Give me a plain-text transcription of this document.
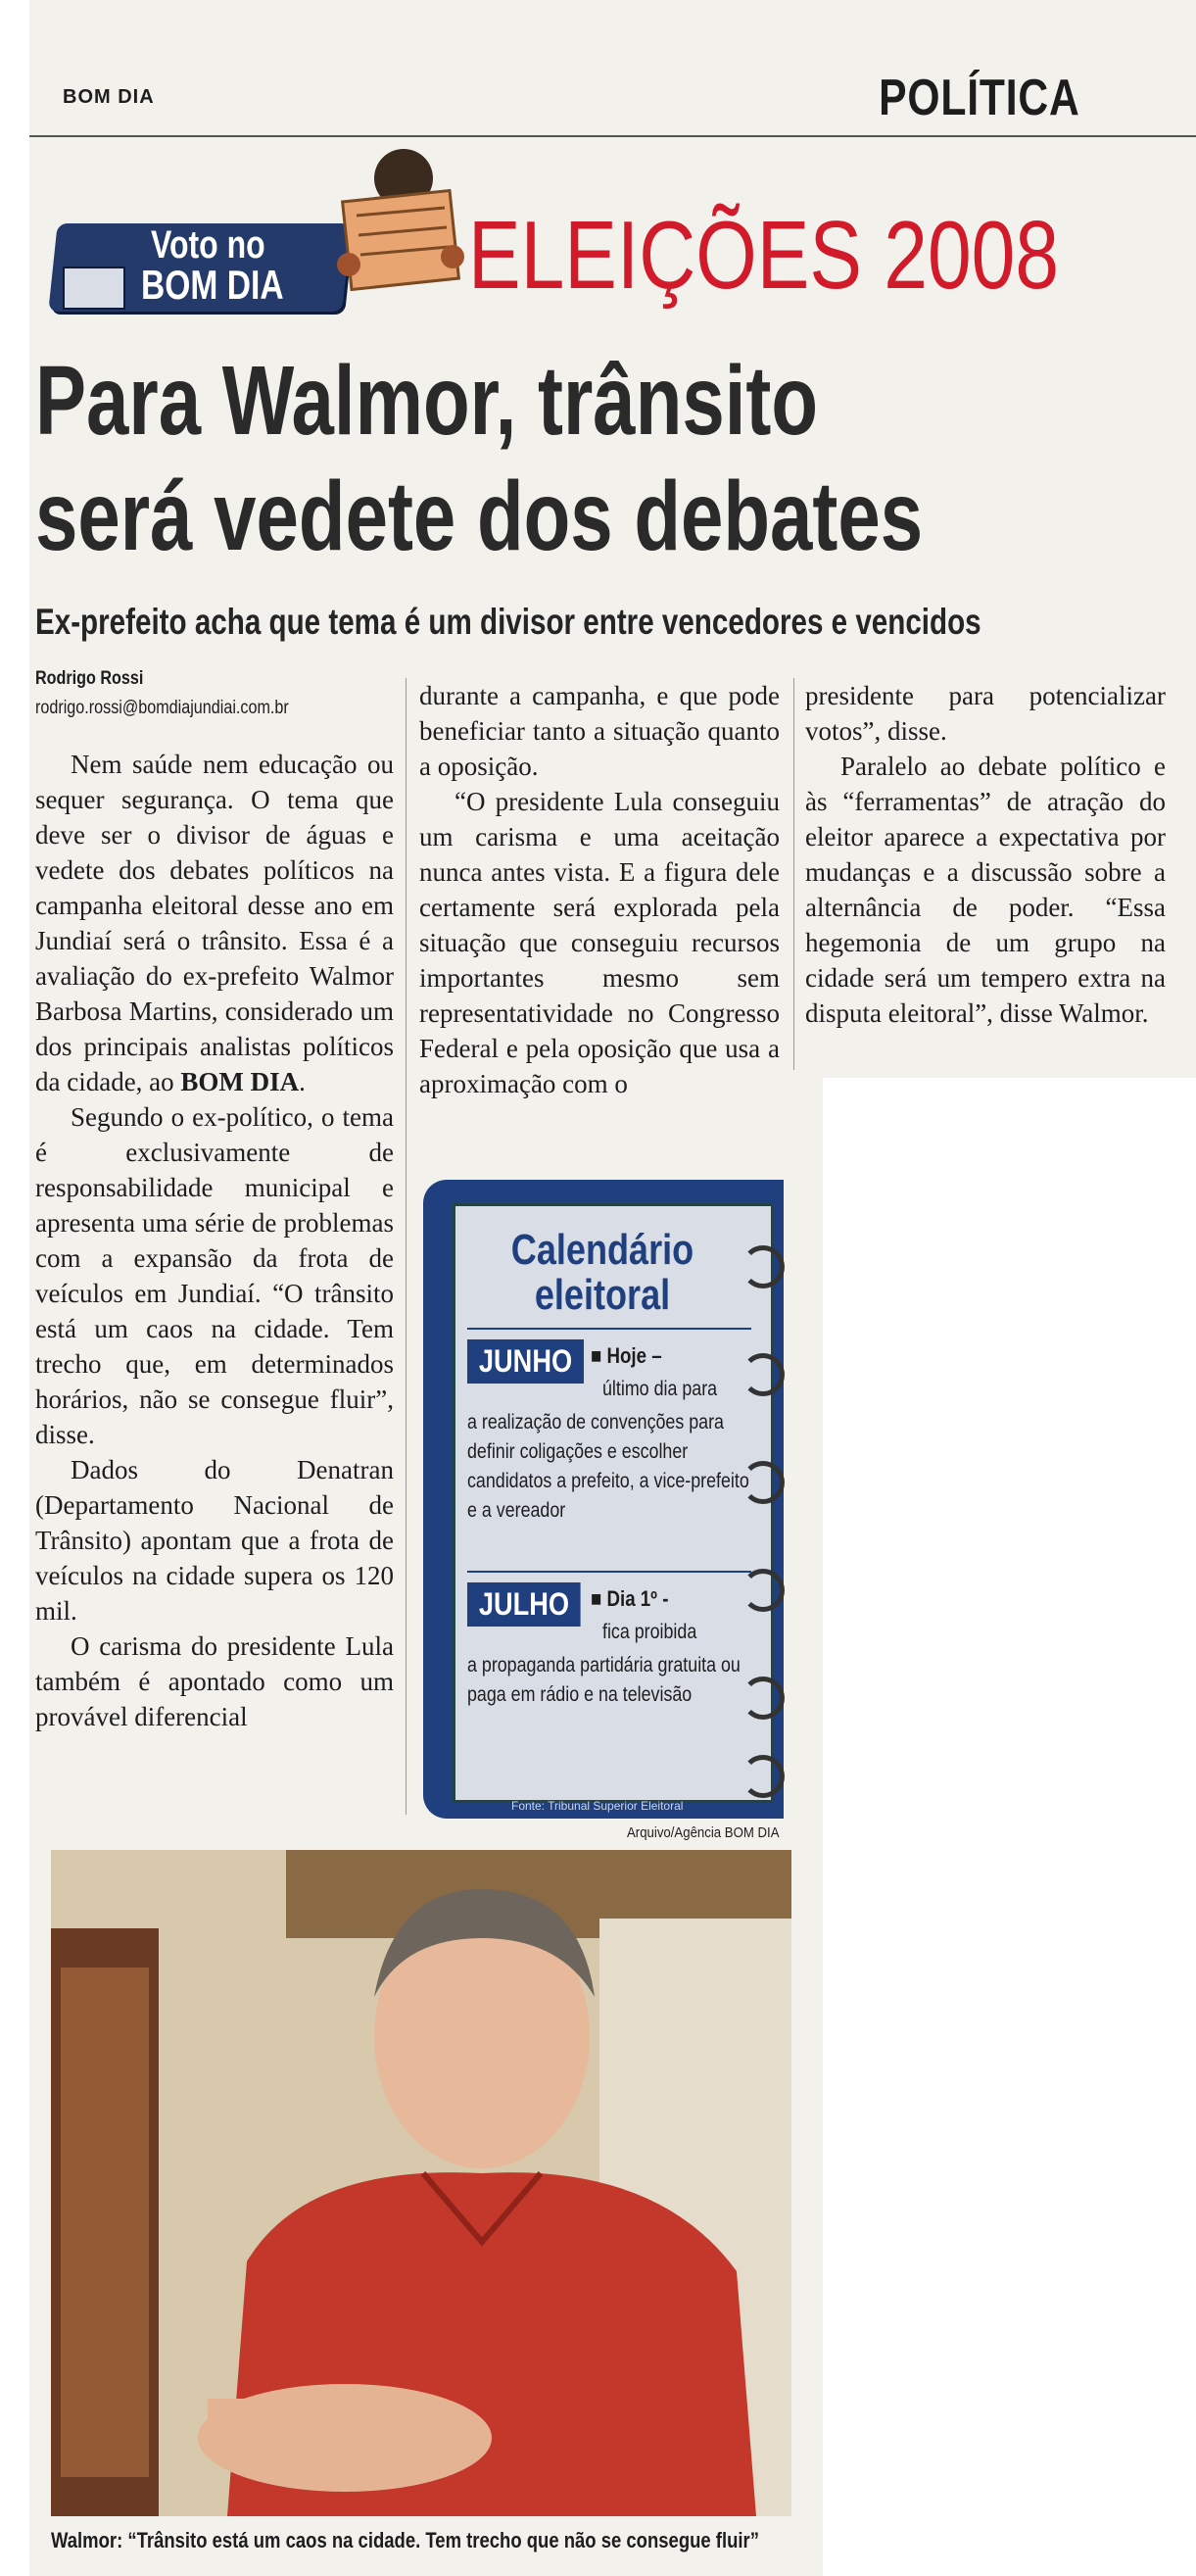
BOM DIA	POLÍTICA
Voto no
BOM DIA ELEIÇÕES 2008
Para Walmor, trânsito
será vedete dos debates
Ex-prefeito acha que tema é um divisor entre vencedores e vencidos
Rodrigo Rossi
rodrigo.rossi@bomdiajundiai.com.br

Nem saúde nem educação ou sequer segurança. O tema que deve ser o divisor de águas e vedete dos debates políticos na campanha eleitoral desse ano em Jundiaí será o trânsito. Essa é a avaliação do ex-prefeito Walmor Barbosa Martins, considerado um dos principais analistas políticos da cidade, ao BOM DIA.

Segundo o ex-político, o tema é exclusivamente de responsabilidade municipal e apresenta uma série de problemas com a expansão da frota de veículos em Jundiaí. “O trânsito está um caos na cidade. Tem trecho que, em determinados horários, não se consegue fluir”, disse.

Dados do Denatran (Departamento Nacional de Trânsito) apontam que a frota de veículos na cidade supera os 120 mil.

O carisma do presidente Lula também é apontado como um provável diferencial

durante a campanha, e que pode beneficiar tanto a situação quanto a oposição.

“O presidente Lula conseguiu um carisma e uma aceitação nunca antes vista. E a figura dele certamente será explorada pela situação que conseguiu recursos importantes mesmo sem representatividade no Congresso Federal e pela oposição que usa a aproximação com o

presidente para potencializar votos”, disse.

Paralelo ao debate político e às “ferramentas” de atração do eleitor aparece a expectativa por mudanças e a discussão sobre a alternância de poder. “Essa hegemonia de um grupo na cidade será um tempero extra na disputa eleitoral”, disse Walmor.

Calendário
eleitoral
JUNHO ■ Hoje –
último dia para
a realização de convenções para definir coligações e escolher candidatos a prefeito, a vice-prefeito e a vereador
JULHO ■ Dia 1º -
fica proibida
a propaganda partidária gratuita ou paga em rádio e na televisão
Fonte: Tribunal Superior Eleitoral
Arquivo/Agência BOM DIA
Walmor: “Trânsito está um caos na cidade. Tem trecho que não se consegue fluir”
